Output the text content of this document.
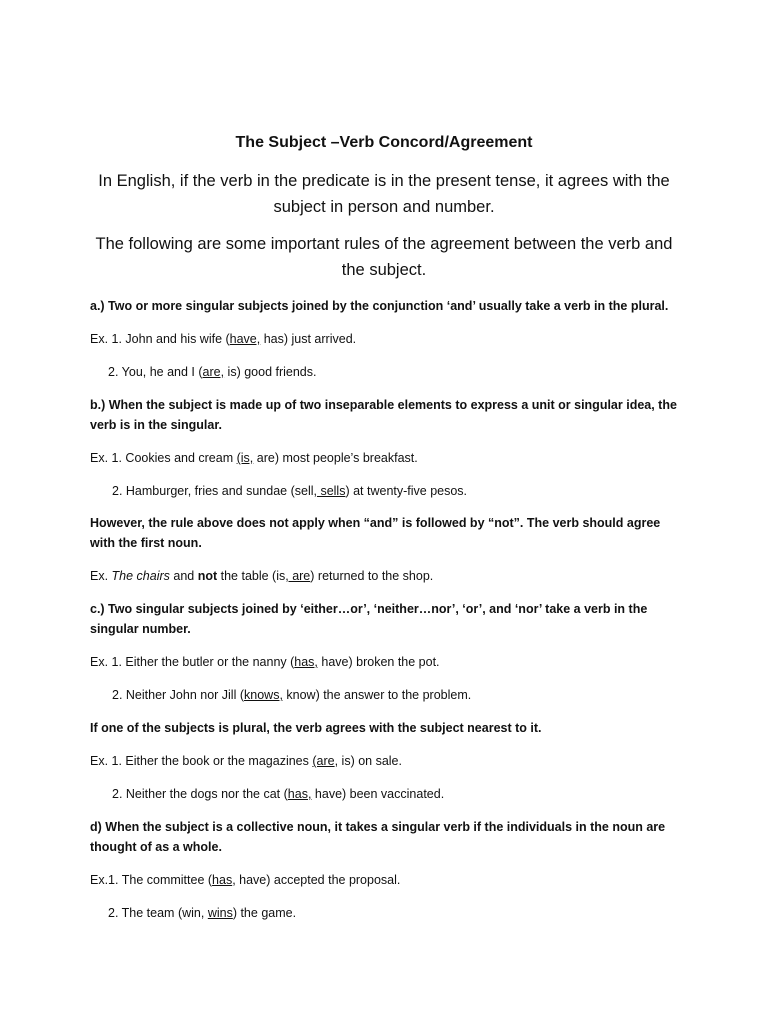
The Subject –Verb Concord/Agreement
In English, if the verb in the predicate is in the present tense, it agrees with the subject in person and number.
The following are some important rules of the agreement between the verb and the subject.
a.) Two or more singular subjects joined by the conjunction ‘and’ usually take a verb in the plural.
Ex. 1. John and his wife (have, has) just arrived.
2. You, he and I (are, is) good friends.
b.) When the subject is made up of two inseparable elements to express a unit or singular idea, the verb is in the singular.
Ex. 1. Cookies and cream (is, are) most people’s breakfast.
2. Hamburger, fries and sundae (sell, sells) at twenty-five pesos.
However, the rule above does not apply when “and” is followed by “not”. The verb should agree with the first noun.
Ex. The chairs and not the table (is, are) returned to the shop.
c.) Two singular subjects joined by ‘either…or’, ‘neither…nor’, ‘or’, and ‘nor’ take a verb in the singular number.
Ex. 1. Either the butler or the nanny (has, have) broken the pot.
2. Neither John nor Jill (knows, know) the answer to the problem.
If one of the subjects is plural, the verb agrees with the subject nearest to it.
Ex. 1. Either the book or the magazines (are, is) on sale.
2. Neither the dogs nor the cat (has, have) been vaccinated.
d) When the subject is a collective noun, it takes a singular verb if the individuals in the noun are thought of as a whole.
Ex.1. The committee (has, have) accepted the proposal.
2. The team (win, wins) the game.
